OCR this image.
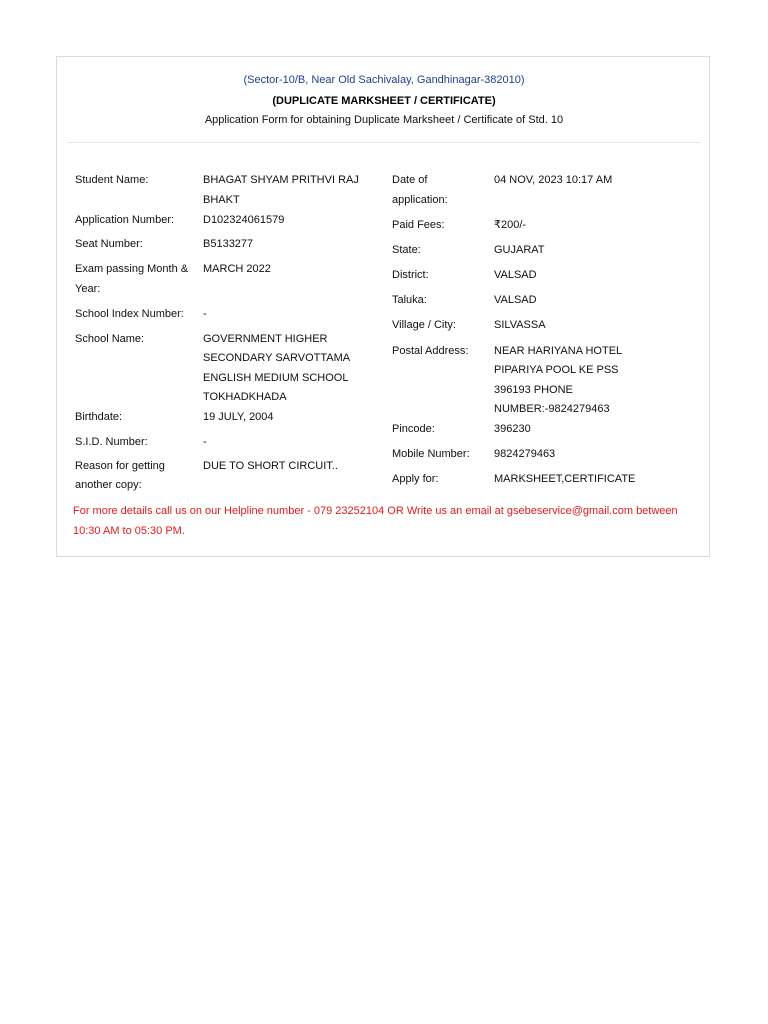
(Sector-10/B, Near Old Sachivalay, Gandhinagar-382010)
(DUPLICATE MARKSHEET / CERTIFICATE)
Application Form for obtaining Duplicate Marksheet / Certificate of Std. 10
Student Name:	BHAGAT SHYAM PRITHVI RAJ BHAKT
Application Number:	D102324061579
Seat Number:	B5133277
Exam passing Month & Year:
MARCH 2022
School Index Number:	-
School Name:	GOVERNMENT HIGHER SECONDARY SARVOTTAMA ENGLISH MEDIUM SCHOOL TOKHADKHADA
Birthdate:	19 JULY, 2004
S.I.D. Number:	-
Reason for getting another copy:
DUE TO SHORT CIRCUIT..
Date of application:
04 NOV, 2023 10:17 AM
Paid Fees:	₹200/-
State:	GUJARAT
District:	VALSAD
Taluka:	VALSAD
Village / City:	SILVASSA
Postal Address:	NEAR HARIYANA HOTEL PIPARIYA POOL KE PSS 396193 PHONE NUMBER:-9824279463
Pincode:	396230
Mobile Number:	9824279463
Apply for:	MARKSHEET,CERTIFICATE
For more details call us on our Helpline number - 079 23252104 OR Write us an email at gsebeservice@gmail.com between 10:30 AM to 05:30 PM.
